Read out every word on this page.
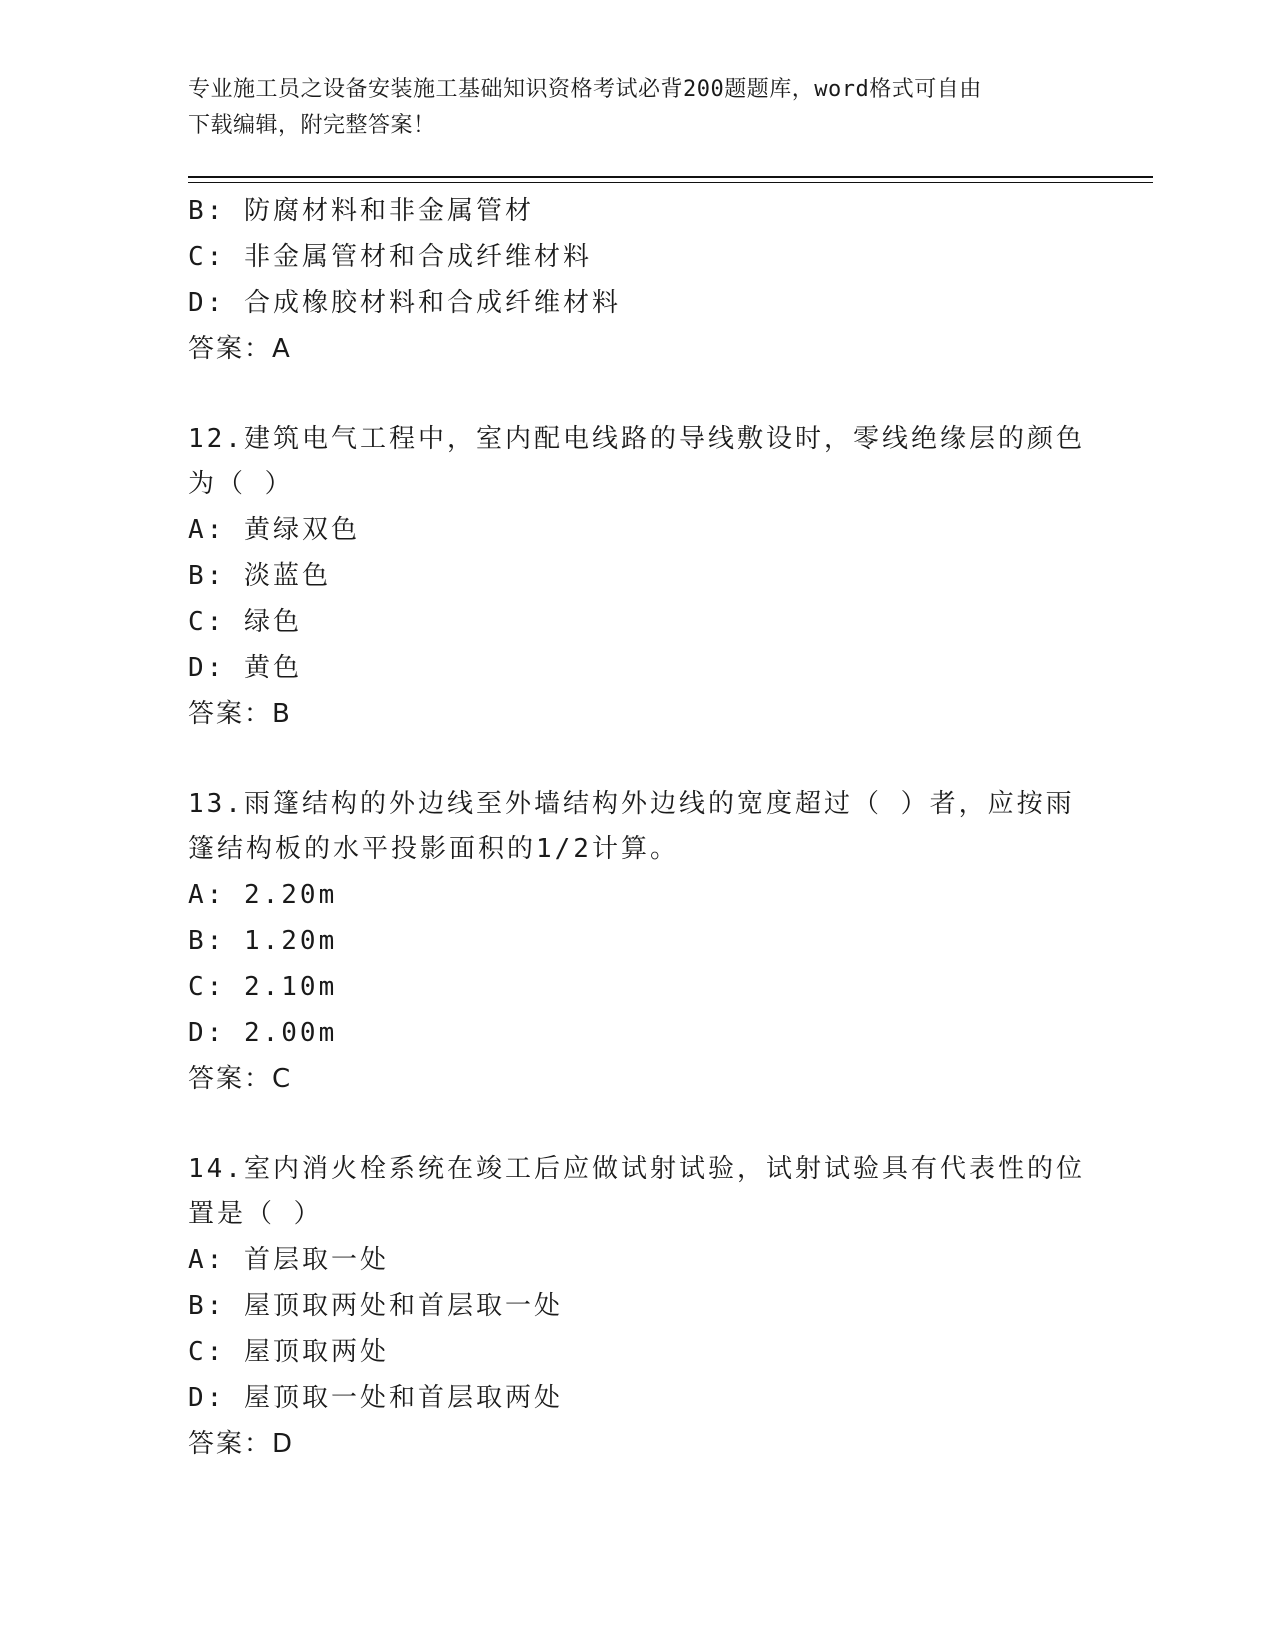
专业施工员之设备安装施工基础知识资格考试必背200题题库，word格式可自由
下载编辑，附完整答案！
B: 防腐材料和非金属管材
C: 非金属管材和合成纤维材料
D: 合成橡胶材料和合成纤维材料
答案：A
12.建筑电气工程中，室内配电线路的导线敷设时，零线绝缘层的颜色
为（ ）
A: 黄绿双色
B: 淡蓝色
C: 绿色
D: 黄色
答案：B
13.雨篷结构的外边线至外墙结构外边线的宽度超过（ ）者，应按雨
篷结构板的水平投影面积的1/2计算。
A: 2.20m
B: 1.20m
C: 2.10m
D: 2.00m
答案：C
14.室内消火栓系统在竣工后应做试射试验，试射试验具有代表性的位
置是（ ）
A: 首层取一处
B: 屋顶取两处和首层取一处
C: 屋顶取两处
D: 屋顶取一处和首层取两处
答案：D
